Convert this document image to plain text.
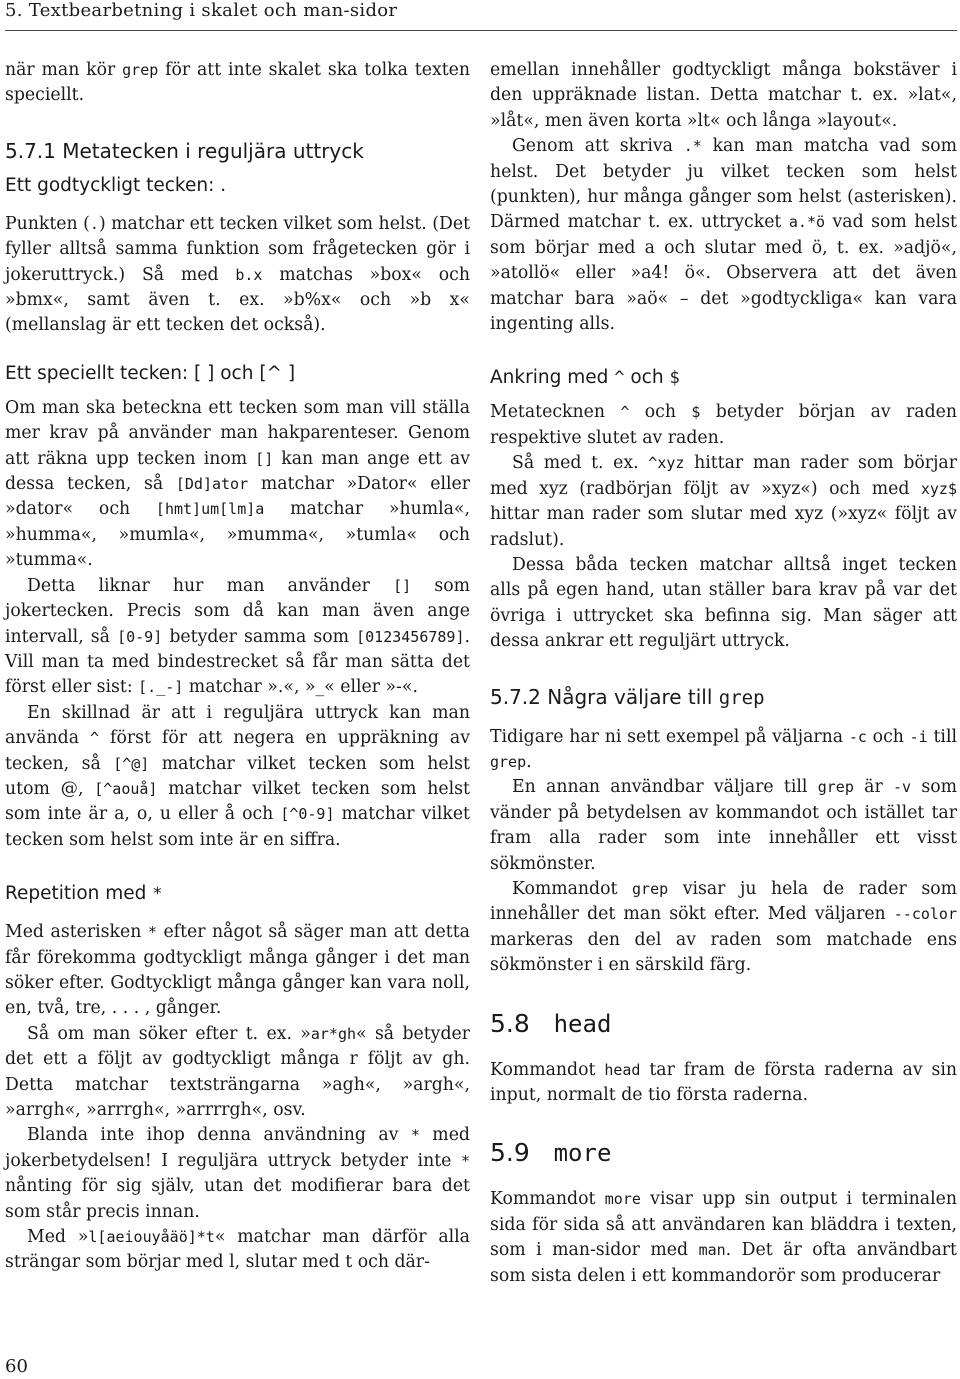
5. Textbearbetning i skalet och man-sidor

när man kör grep för att inte skalet ska tolka texten speciellt.

5.7.1 Metatecken i reguljära uttryck
Ett godtyckligt tecken: .

Punkten (.) matchar ett tecken vilket som helst. (Det fyller alltså samma funktion som frågetecken gör i jokeruttryck.) Så med b.x matchas »box« och »bmx«, samt även t. ex. »b%x« och »b x« (mellanslag är ett tecken det också).

Ett speciellt tecken: [ ] och [^ ]

Om man ska beteckna ett tecken som man vill ställa mer krav på använder man hakparenteser. Genom att räkna upp tecken inom [] kan man ange ett av dessa tecken, så [Dd]ator matchar »Dator« eller »dator« och [hmt]um[lm]a matchar »humla«, »humma«, »mumla«, »mumma«, »tumla« och »tumma«.

Detta liknar hur man använder [] som jokertecken. Precis som då kan man även ange intervall, så [0-9] betyder samma som [0123456789]. Vill man ta med bindestrecket så får man sätta det först eller sist: [._-] matchar ».«, »_« eller »-«.

En skillnad är att i reguljära uttryck kan man använda ^ först för att negera en uppräkning av tecken, så [^@] matchar vilket tecken som helst utom @, [^aouå] matchar vilket tecken som helst som inte är a, o, u eller å och [^0-9] matchar vilket tecken som helst som inte är en siffra.

Repetition med *

Med asterisken * efter något så säger man att detta får förekomma godtyckligt många gånger i det man söker efter. Godtyckligt många gånger kan vara noll, en, två, tre, . . . , gånger.

Så om man söker efter t. ex. »ar*gh« så betyder det ett a följt av godtyckligt många r följt av gh. Detta matchar textsträngarna »agh«, »argh«, »arrgh«, »arrrgh«, »arrrrgh«, osv.

Blanda inte ihop denna användning av * med jokerbetydelsen! I reguljära uttryck betyder inte * nånting för sig själv, utan det modifierar bara det som står precis innan.

Med »l[aeiouyåäö]*t« matchar man därför alla strängar som börjar med l, slutar med t och där-

emellan innehåller godtyckligt många bokstäver i den uppräknade listan. Detta matchar t. ex. »lat«, »låt«, men även korta »lt« och långa »layout«.

Genom att skriva .* kan man matcha vad som helst. Det betyder ju vilket tecken som helst (punkten), hur många gånger som helst (asterisken). Därmed matchar t. ex. uttrycket a.*ö vad som helst som börjar med a och slutar med ö, t. ex. »adjö«, »atollö« eller »a4! ö«. Observera att det även matchar bara »aö« – det »godtyckliga« kan vara ingenting alls.

Ankring med ^ och $

Metatecknen ^ och $ betyder början av raden respektive slutet av raden.

Så med t. ex. ^xyz hittar man rader som börjar med xyz (radbörjan följt av »xyz«) och med xyz$ hittar man rader som slutar med xyz (»xyz« följt av radslut).

Dessa båda tecken matchar alltså inget tecken alls på egen hand, utan ställer bara krav på var det övriga i uttrycket ska befinna sig. Man säger att dessa ankrar ett reguljärt uttryck.

5.7.2 Några väljare till grep

Tidigare har ni sett exempel på väljarna -c och -i till grep.

En annan användbar väljare till grep är -v som vänder på betydelsen av kommandot och istället tar fram alla rader som inte innehåller ett visst sökmönster.

Kommandot grep visar ju hela de rader som innehåller det man sökt efter. Med väljaren --color markeras den del av raden som matchade ens sökmönster i en särskild färg.

5.8 head

Kommandot head tar fram de första raderna av sin input, normalt de tio första raderna.

5.9 more

Kommandot more visar upp sin output i terminalen sida för sida så att användaren kan bläddra i texten, som i man-sidor med man. Det är ofta användbart som sista delen i ett kommandorör som producerar

60
